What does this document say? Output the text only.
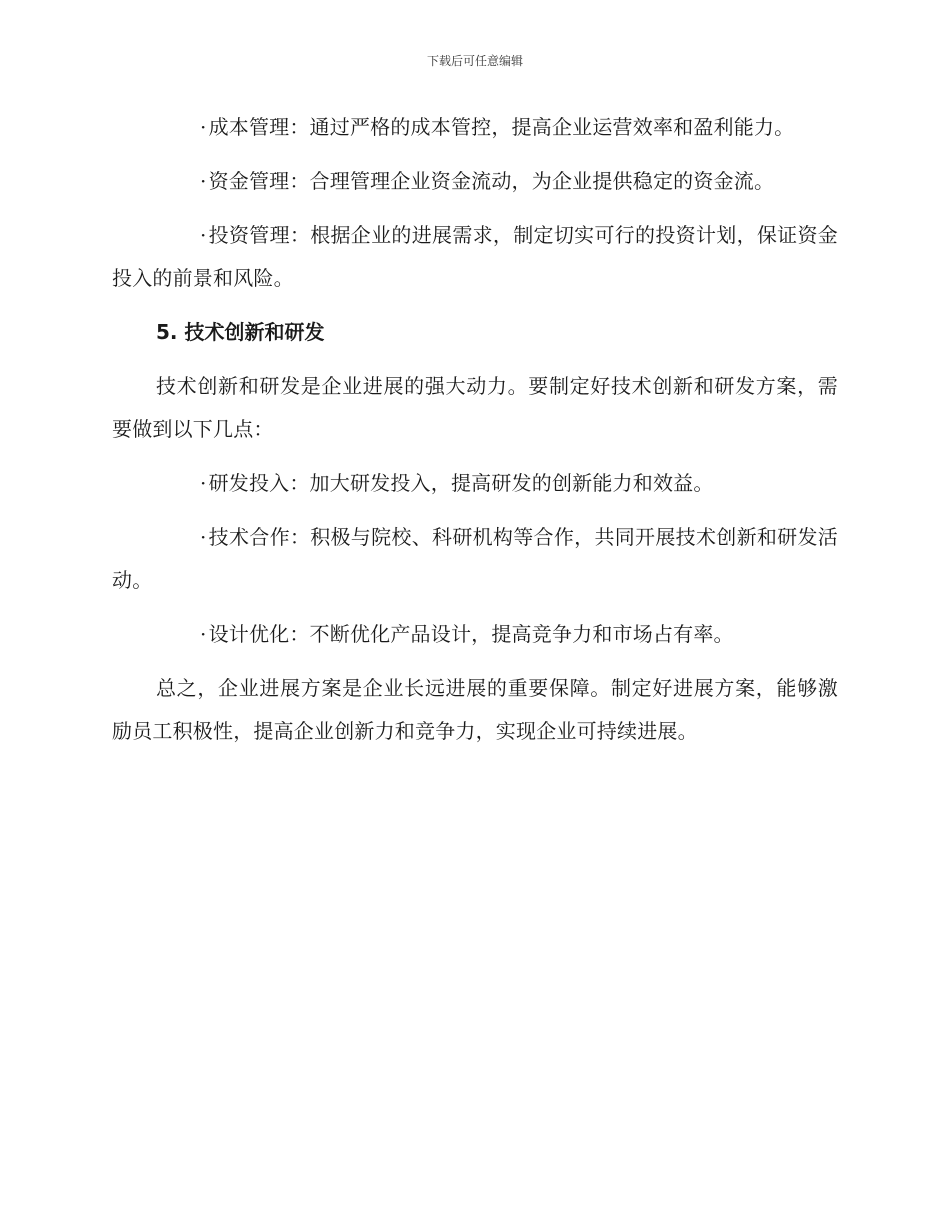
下载后可任意编辑

· 成本管理：通过严格的成本管控，提高企业运营效率和盈利能力。

· 资金管理：合理管理企业资金流动，为企业提供稳定的资金流。

· 投资管理：根据企业的进展需求，制定切实可行的投资计划，保证资金投入的前景和风险。

5. 技术创新和研发

技术创新和研发是企业进展的强大动力。要制定好技术创新和研发方案，需要做到以下几点：

· 研发投入：加大研发投入，提高研发的创新能力和效益。

· 技术合作：积极与院校、科研机构等合作，共同开展技术创新和研发活动。

· 设计优化：不断优化产品设计，提高竞争力和市场占有率。

总之，企业进展方案是企业长远进展的重要保障。制定好进展方案，能够激励员工积极性，提高企业创新力和竞争力，实现企业可持续进展。
